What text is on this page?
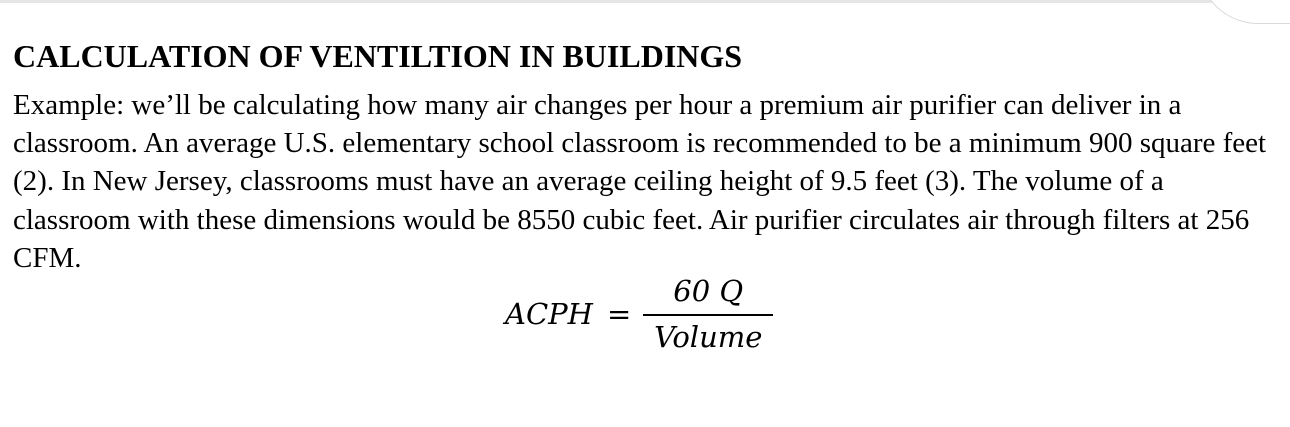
CALCULATION OF VENTILTION IN BUILDINGS

Example: we’ll be calculating how many air changes per hour a premium air purifier can deliver in a classroom. An average U.S. elementary school classroom is recommended to be a minimum 900 square feet (2). In New Jersey, classrooms must have an average ceiling height of 9.5 feet (3). The volume of a classroom with these dimensions would be 8550 cubic feet. Air purifier circulates air through filters at 256 CFM.

ACPH = $\frac{60 Q}{\text{Volume}}$
